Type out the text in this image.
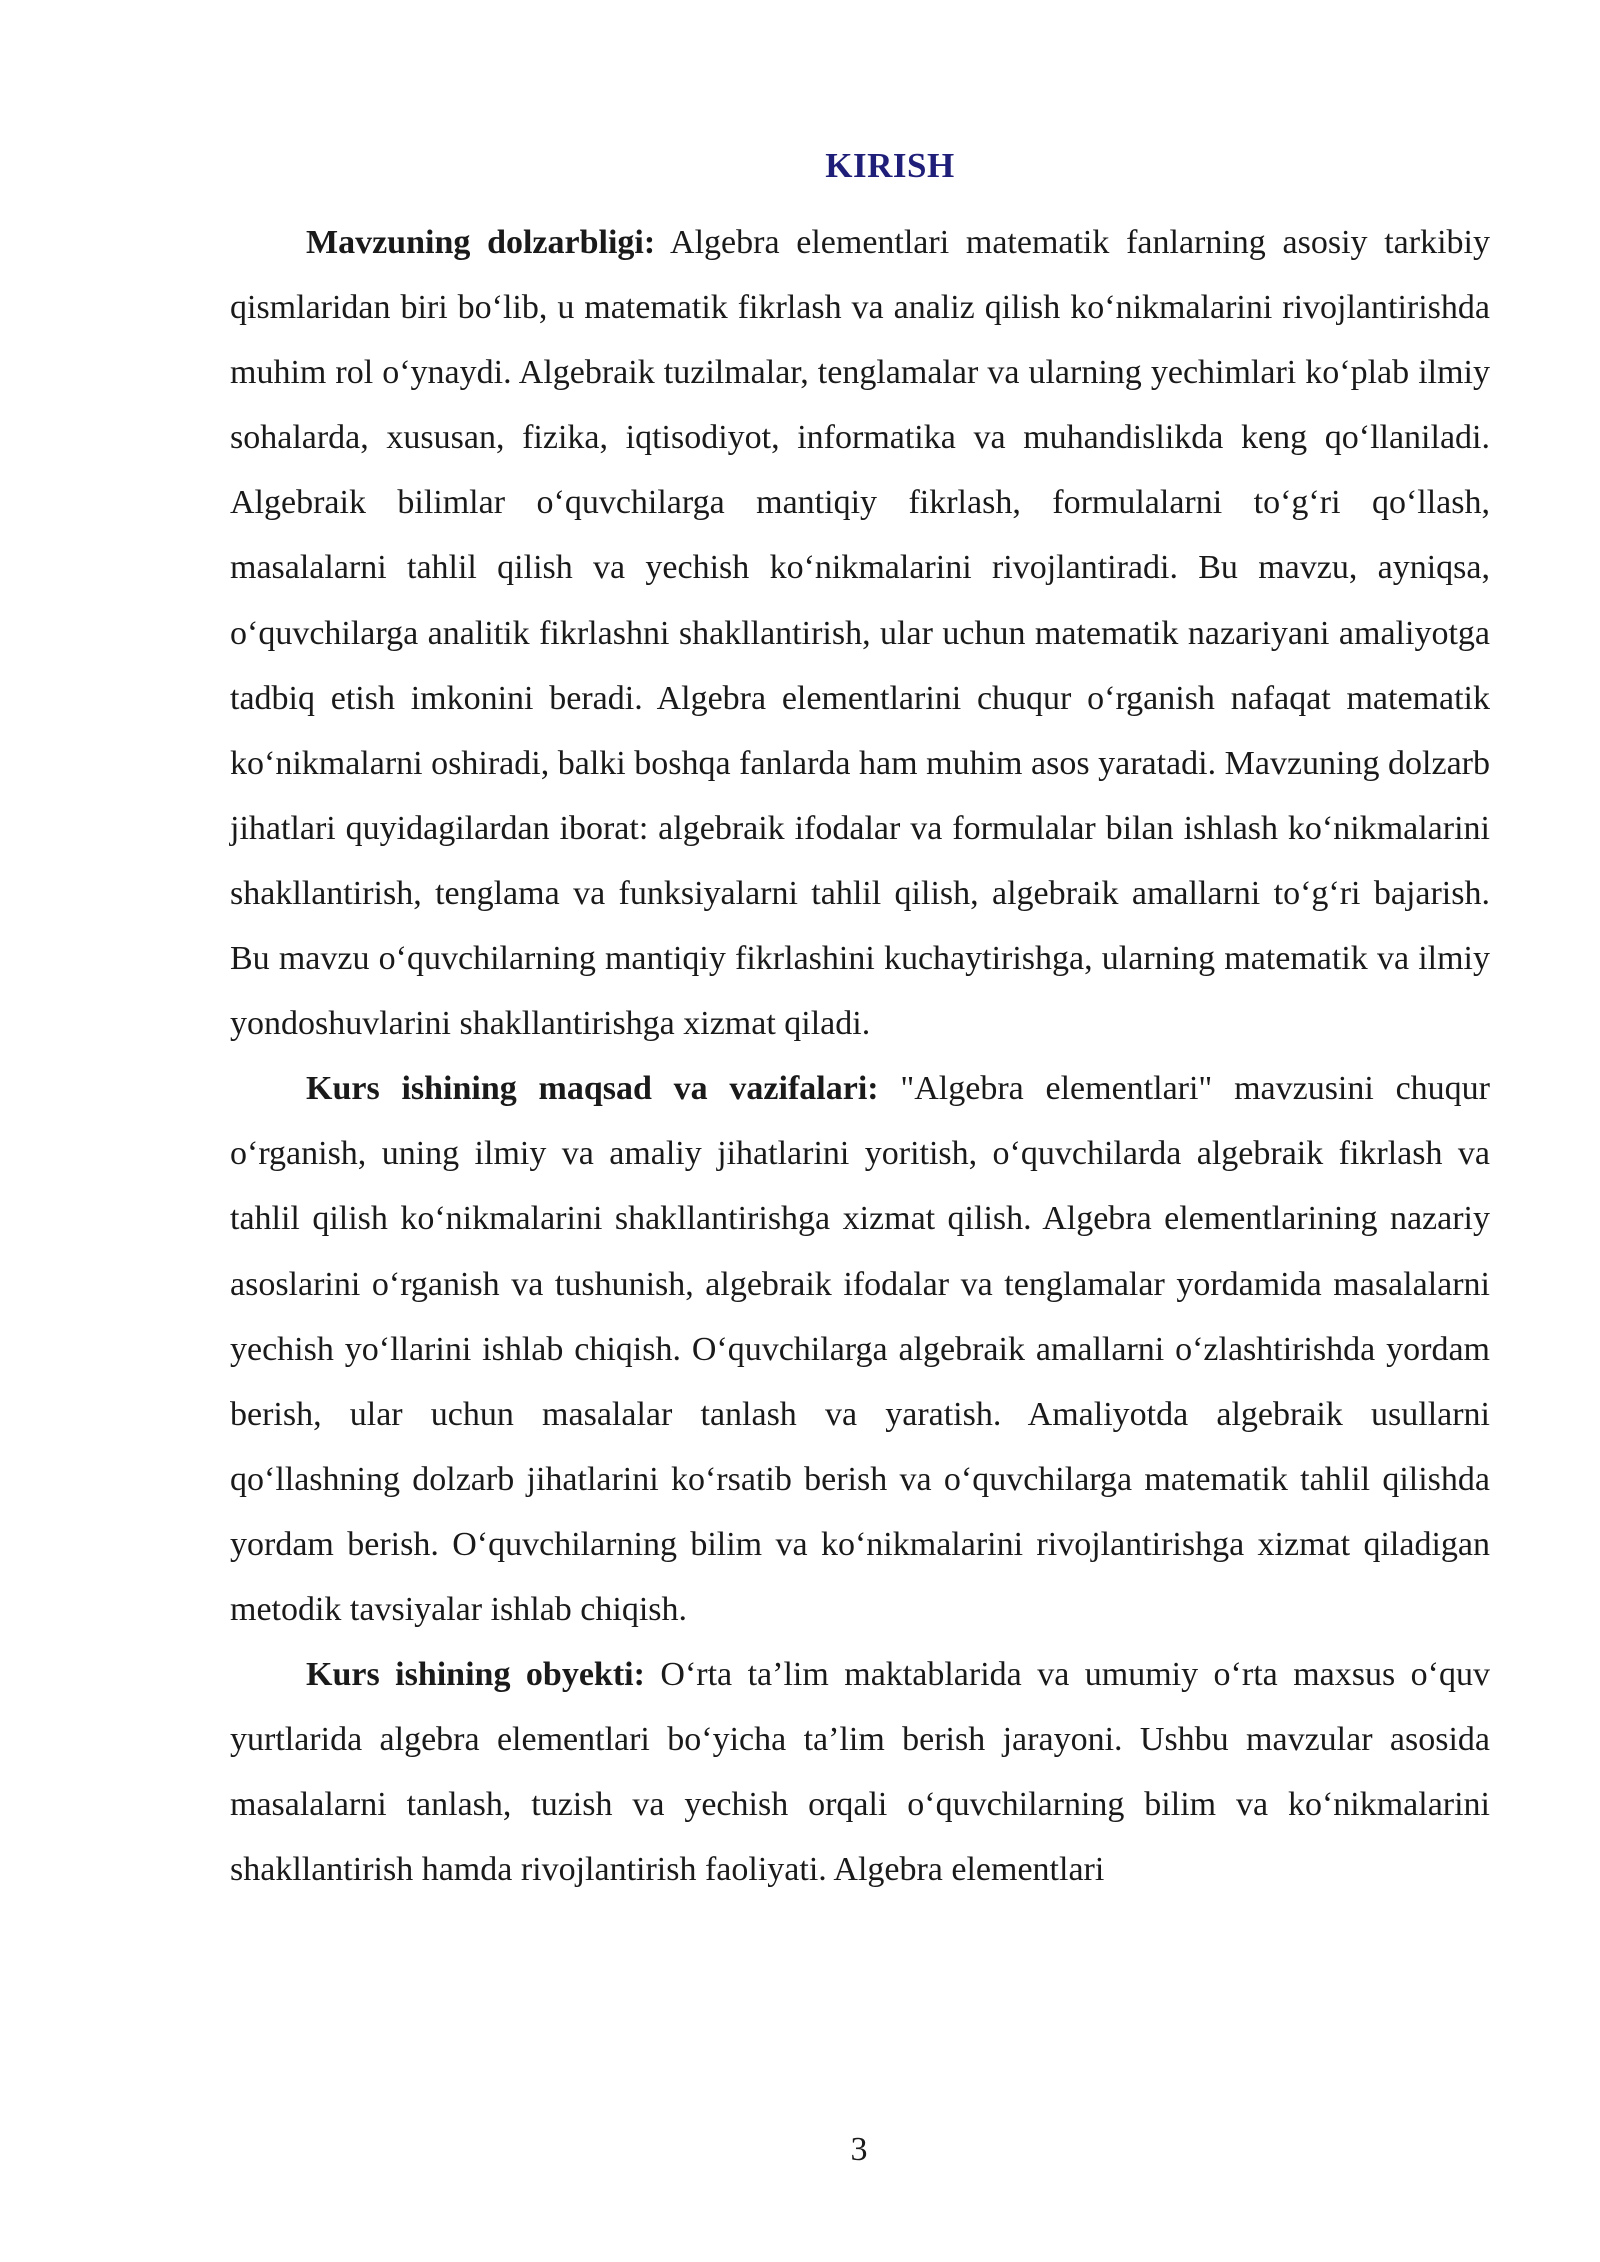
KIRISH

Mavzuning dolzarbligi: Algebra elementlari matematik fanlarning asosiy tarkibiy qismlaridan biri bo‘lib, u matematik fikrlash va analiz qilish ko‘nikmalarini rivojlantirishda muhim rol o‘ynaydi. Algebraik tuzilmalar, tenglamalar va ularning yechimlari ko‘plab ilmiy sohalarda, xususan, fizika, iqtisodiyot, informatika va muhandislikda keng qo‘llaniladi. Algebraik bilimlar o‘quvchilarga mantiqiy fikrlash, formulalarni to‘g‘ri qo‘llash, masalalarni tahlil qilish va yechish ko‘nikmalarini rivojlantiradi. Bu mavzu, ayniqsa, o‘quvchilarga analitik fikrlashni shakllantirish, ular uchun matematik nazariyani amaliyotga tadbiq etish imkonini beradi. Algebra elementlarini chuqur o‘rganish nafaqat matematik ko‘nikmalarni oshiradi, balki boshqa fanlarda ham muhim asos yaratadi. Mavzuning dolzarb jihatlari quyidagilardan iborat: algebraik ifodalar va formulalar bilan ishlash ko‘nikmalarini shakllantirish, tenglama va funksiyalarni tahlil qilish, algebraik amallarni to‘g‘ri bajarish. Bu mavzu o‘quvchilarning mantiqiy fikrlashini kuchaytirishga, ularning matematik va ilmiy yondoshuvlarini shakllantirishga xizmat qiladi.

Kurs ishining maqsad va vazifalari: "Algebra elementlari" mavzusini chuqur o‘rganish, uning ilmiy va amaliy jihatlarini yoritish, o‘quvchilarda algebraik fikrlash va tahlil qilish ko‘nikmalarini shakllantirishga xizmat qilish. Algebra elementlarining nazariy asoslarini o‘rganish va tushunish, algebraik ifodalar va tenglamalar yordamida masalalarni yechish yo‘llarini ishlab chiqish. O‘quvchilarga algebraik amallarni o‘zlashtirishda yordam berish, ular uchun masalalar tanlash va yaratish. Amaliyotda algebraik usullarni qo‘llashning dolzarb jihatlarini ko‘rsatib berish va o‘quvchilarga matematik tahlil qilishda yordam berish. O‘quvchilarning bilim va ko‘nikmalarini rivojlantirishga xizmat qiladigan metodik tavsiyalar ishlab chiqish.

Kurs ishining obyekti: O‘rta ta’lim maktablarida va umumiy o‘rta maxsus o‘quv yurtlarida algebra elementlari bo‘yicha ta’lim berish jarayoni. Ushbu mavzular asosida masalalarni tanlash, tuzish va yechish orqali o‘quvchilarning bilim va ko‘nikmalarini shakllantirish hamda rivojlantirish faoliyati. Algebra elementlari

3
